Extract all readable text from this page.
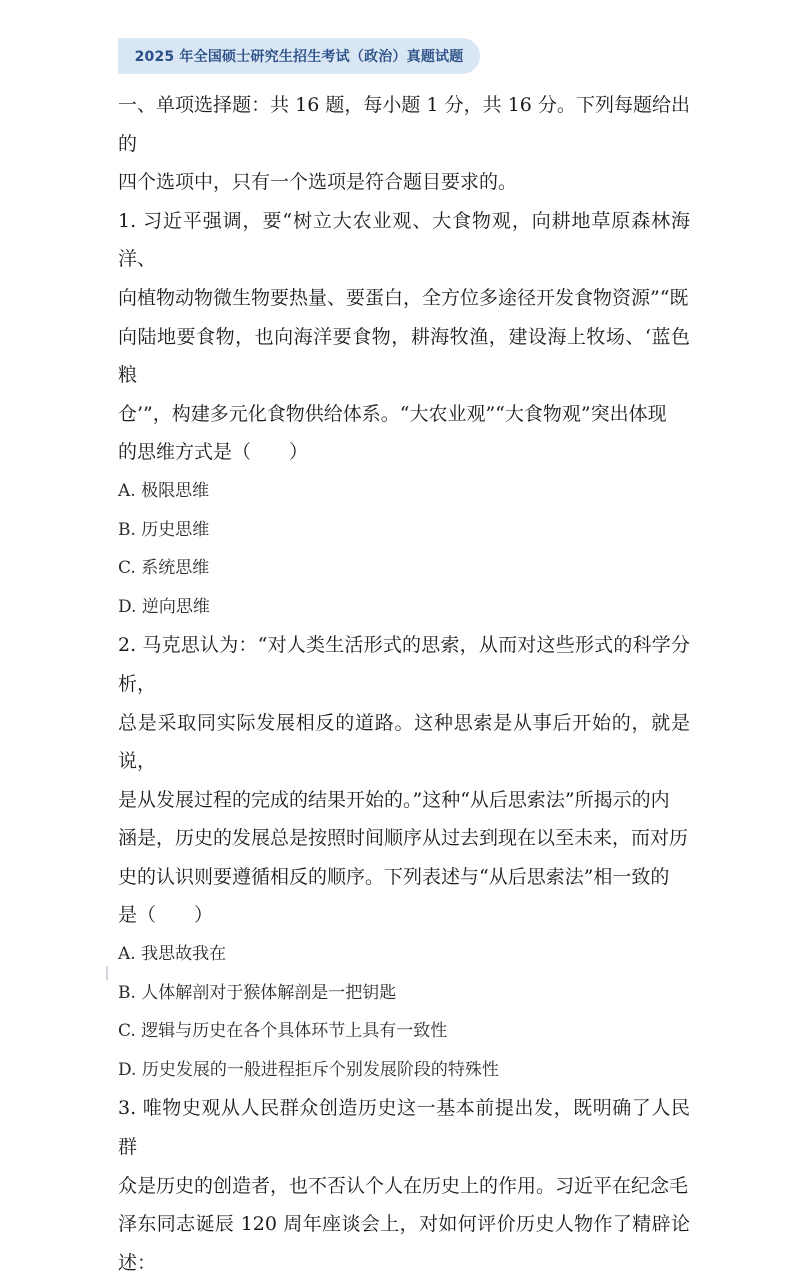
2025 年全国硕士研究生招生考试（政治）真题试题

一、单项选择题：共 16 题，每小题 1 分，共 16 分。下列每题给出的

四个选项中，只有一个选项是符合题目要求的。

1. 习近平强调，要“树立大农业观、大食物观，向耕地草原森林海洋、

向植物动物微生物要热量、要蛋白，全方位多途径开发食物资源”“既

向陆地要食物，也向海洋要食物，耕海牧渔，建设海上牧场、‘蓝色粮

仓’”，构建多元化食物供给体系。“大农业观”“大食物观”突出体现

的思维方式是（　　）

A. 极限思维

B. 历史思维

C. 系统思维

D. 逆向思维

2. 马克思认为：“对人类生活形式的思索，从而对这些形式的科学分析，

总是采取同实际发展相反的道路。这种思索是从事后开始的，就是说，

是从发展过程的完成的结果开始的。”这种“从后思索法”所揭示的内

涵是，历史的发展总是按照时间顺序从过去到现在以至未来，而对历

史的认识则要遵循相反的顺序。下列表述与“从后思索法”相一致的

是（　　）

A. 我思故我在

B. 人体解剖对于猴体解剖是一把钥匙

C. 逻辑与历史在各个具体环节上具有一致性

D. 历史发展的一般进程拒斥个别发展阶段的特殊性

3. 唯物史观从人民群众创造历史这一基本前提出发，既明确了人民群

众是历史的创造者，也不否认个人在历史上的作用。习近平在纪念毛

泽东同志诞辰 120 周年座谈会上，对如何评价历史人物作了精辟论述：
